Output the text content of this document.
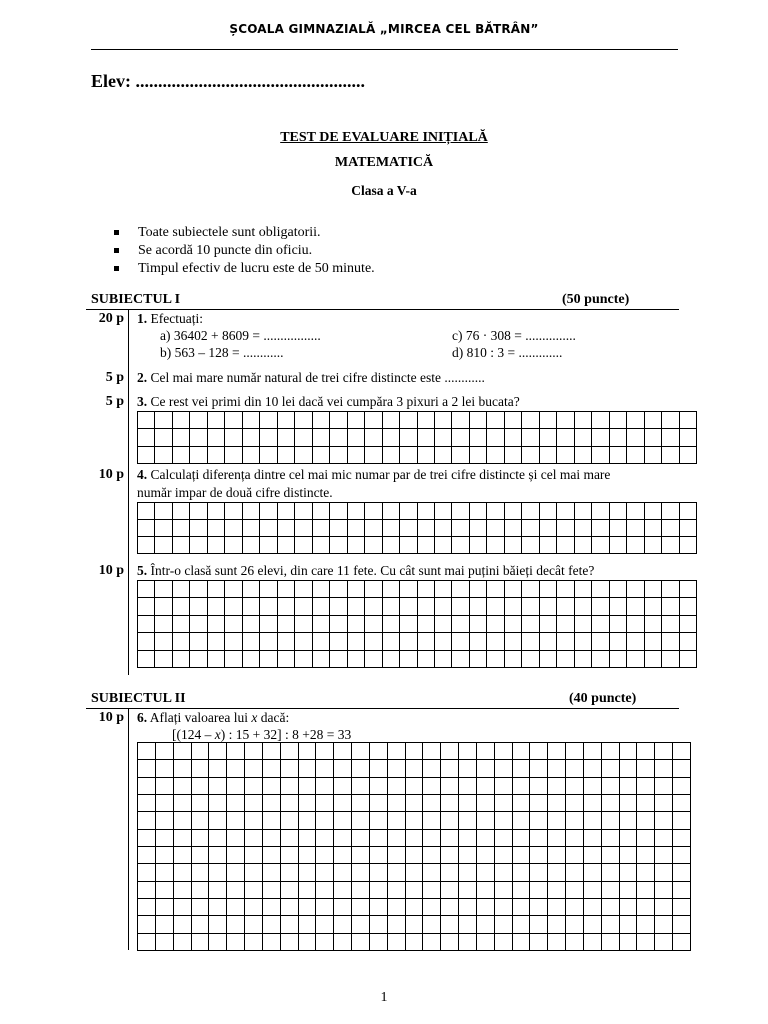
ȘCOALA GIMNAZIALĂ „MIRCEA CEL BĂTRÂN”
Elev: ...................................................
TEST DE EVALUARE INIȚIALĂ
MATEMATICĂ
Clasa a V-a
Toate subiectele sunt obligatorii.
Se acordă 10 puncte din oficiu.
Timpul efectiv de lucru este de 50 minute.
SUBIECTUL I	(50 puncte)
20 p 1. Efectuați:
a) 36402 + 8609 = .................	c) 76 · 308 = ...............
b) 563 – 128 = ............	d) 810 : 3 = .............
5 p 2. Cel mai mare număr natural de trei cifre distincte este ............
5 p 3. Ce rest vei primi din 10 lei dacă vei cumpăra 3 pixuri a 2 lei bucata?
10 p 4. Calculați diferența dintre cel mai mic numar par de trei cifre distincte și cel mai mare
număr impar de două cifre distincte.
10 p 5. Într-o clasă sunt 26 elevi, din care 11 fete. Cu cât sunt mai puțini băieți decât fete?
SUBIECTUL II	(40 puncte)
10 p 6. Aflați valoarea lui x dacă:
[(124 – x) : 15 + 32] : 8 +28 = 33
1
